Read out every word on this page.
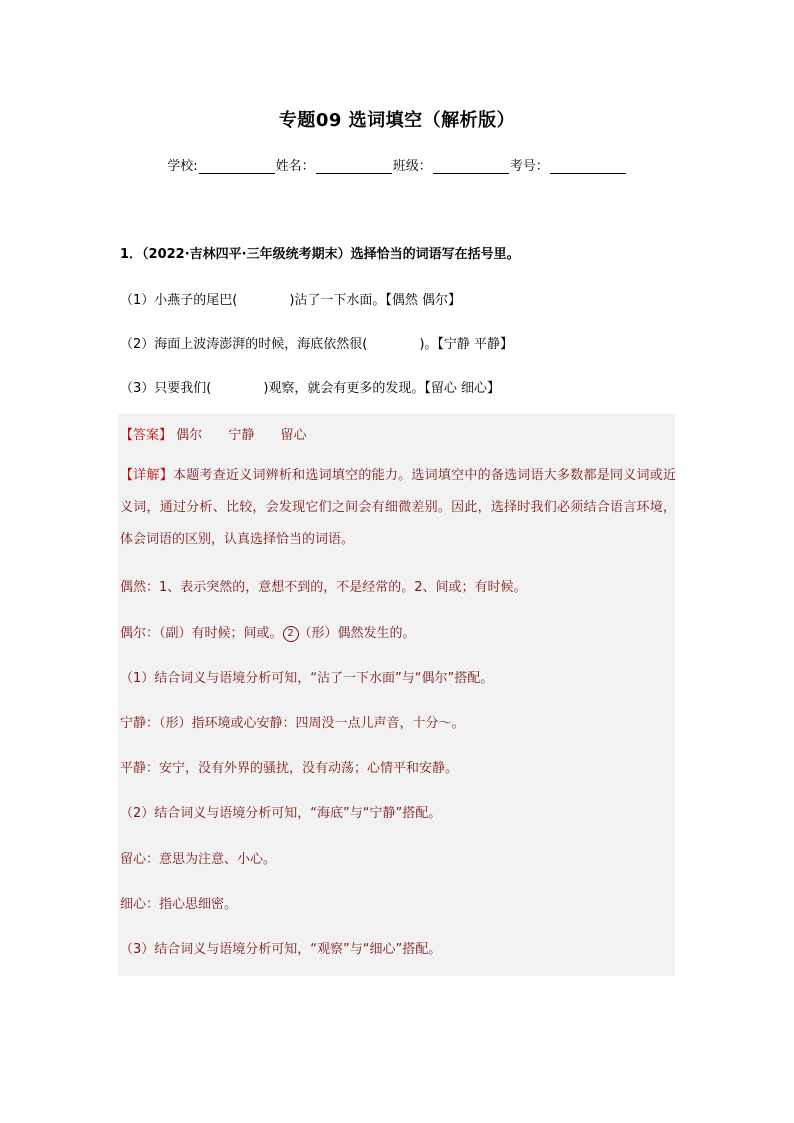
专题09 选词填空（解析版）
学校:	姓名：	班级：	考号：
1．（2022·吉林四平·三年级统考期末）选择恰当的词语写在括号里。
（1）小燕子的尾巴(	)沾了一下水面。【偶然 偶尔】
（2）海面上波涛澎湃的时候，海底依然很(	)。【宁静 平静】
（3）只要我们(	)观察，就会有更多的发现。【留心 细心】
【答案】 偶尔 宁静 留心
【详解】本题考查近义词辨析和选词填空的能力。选词填空中的备选词语大多数都是同义词或近义词，通过分析、比较，会发现它们之间会有细微差别。因此，选择时我们必须结合语言环境，体会词语的区别，认真选择恰当的词语。
偶然：1、表示突然的，意想不到的，不是经常的。2、间或；有时候。
偶尔：（副）有时候；间或。 2 （形）偶然发生的。
（1）结合词义与语境分析可知，“沾了一下水面”与“偶尔”搭配。
宁静：（形）指环境或心安静：四周没一点儿声音，十分～。
平静：安宁，没有外界的骚扰，没有动荡；心情平和安静。
（2）结合词义与语境分析可知，“海底”与“宁静”搭配。
留心：意思为注意、小心。
细心：指心思细密。
（3）结合词义与语境分析可知，“观察”与“细心”搭配。
